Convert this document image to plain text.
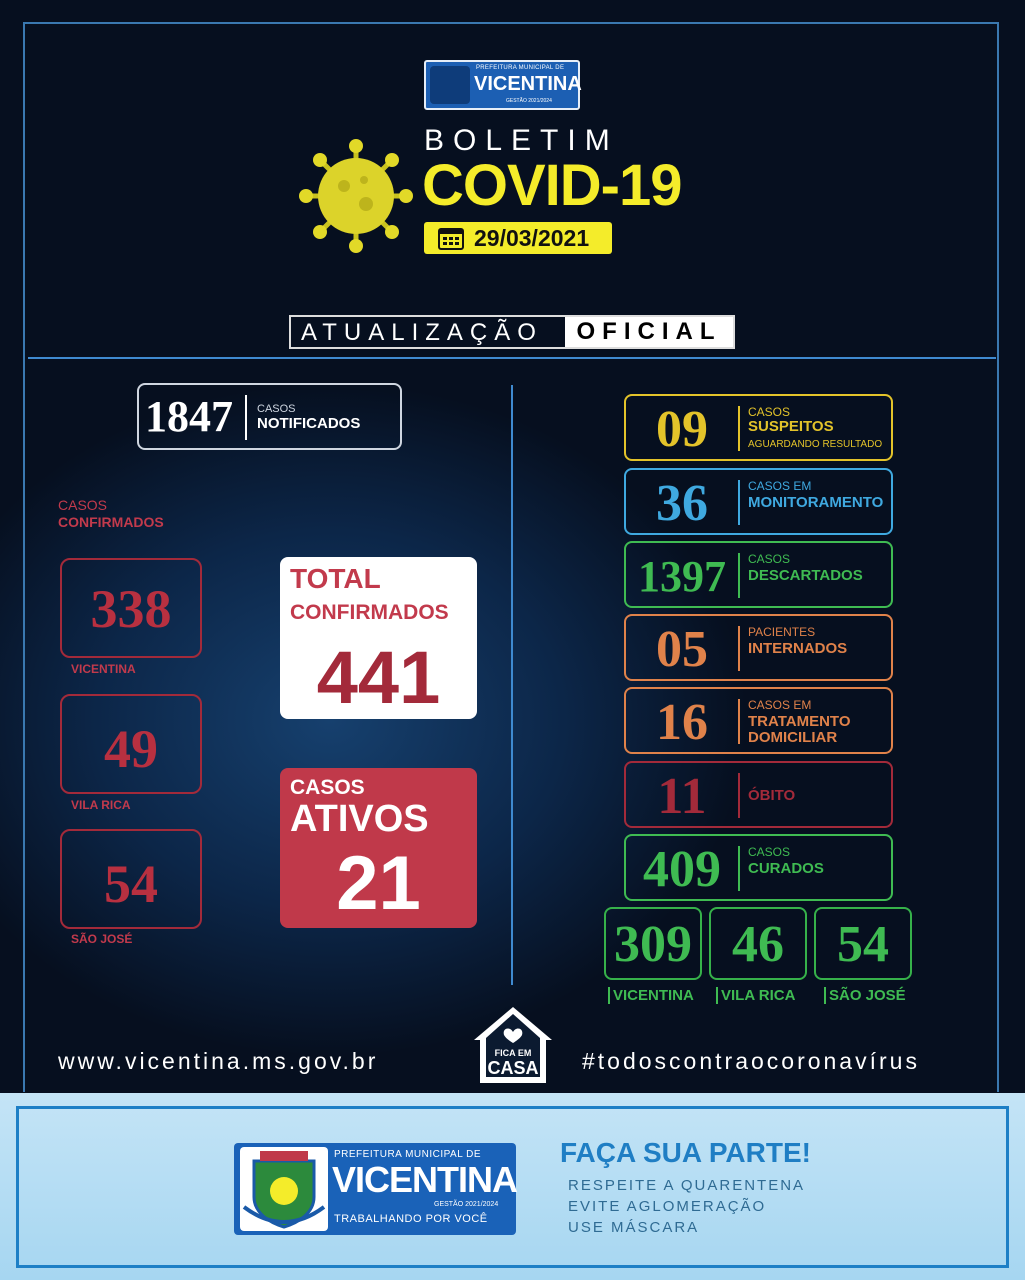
PREFEITURA MUNICIPAL DE
VICENTINA
GESTÃO 2021/2024
BOLETIM
COVID-19
29/03/2021
ATUALIZAÇÃO	OFICIAL
1847 CASOS
NOTIFICADOS
CASOS
CONFIRMADOS
338
VICENTINA
49
VILA RICA
54
SÃO JOSÉ
TOTAL
CONFIRMADOS
441
CASOS
ATIVOS
21
09	CASOS
SUSPEITOS
AGUARDANDO RESULTADO
36	CASOS EM
MONITORAMENTO
1397	CASOS
DESCARTADOS
05	PACIENTES
INTERNADOS
16	CASOS EM
TRATAMENTO
DOMICILIAR
11	ÓBITO
409	CASOS
CURADOS
309
VICENTINA
46
VILA RICA
54
SÃO JOSÉ
www.vicentina.ms.gov.br	FICA EM
CASA #todoscontraocoronavírus
PREFEITURA MUNICIPAL DE
VICENTINA
GESTÃO 2021/2024
TRABALHANDO POR VOCÊ
FAÇA SUA PARTE!
RESPEITE A QUARENTENA
EVITE AGLOMERAÇÃO
USE MÁSCARA
